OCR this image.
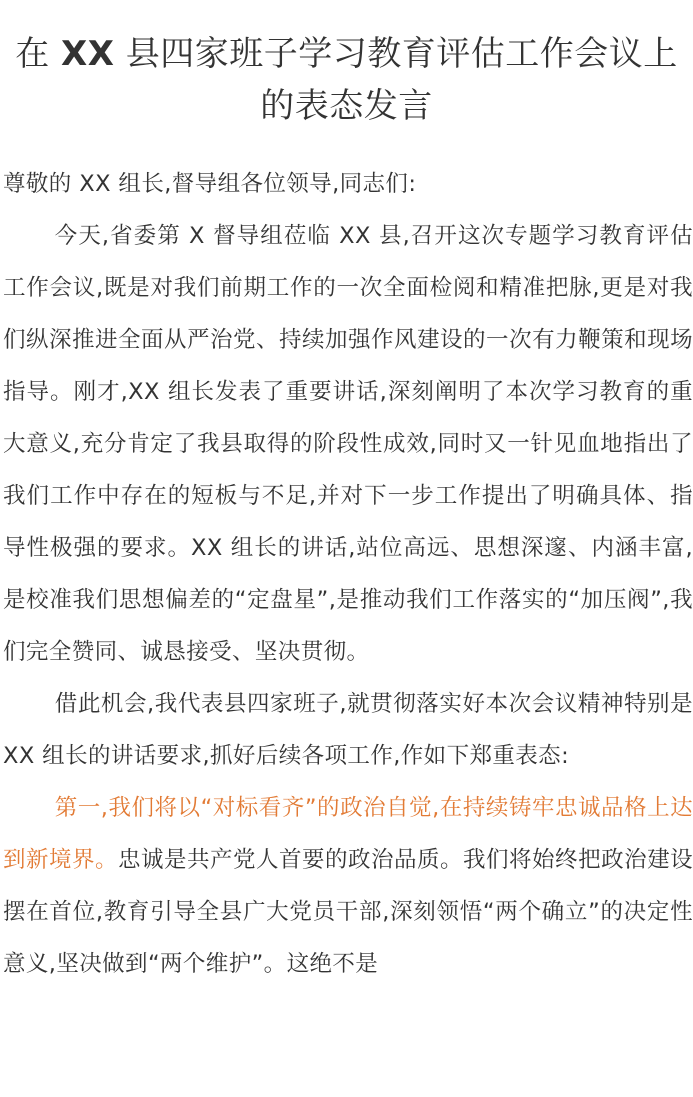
在 XX 县四家班子学习教育评估工作会议上的表态发言

尊敬的 XX 组长,督导组各位领导,同志们:

今天,省委第 X 督导组莅临 XX 县,召开这次专题学习教育评估工作会议,既是对我们前期工作的一次全面检阅和精准把脉,更是对我们纵深推进全面从严治党、持续加强作风建设的一次有力鞭策和现场指导。刚才,XX 组长发表了重要讲话,深刻阐明了本次学习教育的重大意义,充分肯定了我县取得的阶段性成效,同时又一针见血地指出了我们工作中存在的短板与不足,并对下一步工作提出了明确具体、指导性极强的要求。XX 组长的讲话,站位高远、思想深邃、内涵丰富,是校准我们思想偏差的“定盘星”,是推动我们工作落实的“加压阀”,我们完全赞同、诚恳接受、坚决贯彻。

借此机会,我代表县四家班子,就贯彻落实好本次会议精神特别是 XX 组长的讲话要求,抓好后续各项工作,作如下郑重表态:

第一,我们将以“对标看齐”的政治自觉,在持续铸牢忠诚品格上达到新境界。忠诚是共产党人首要的政治品质。我们将始终把政治建设摆在首位,教育引导全县广大党员干部,深刻领悟“两个确立”的决定性意义,坚决做到“两个维护”。这绝不是
